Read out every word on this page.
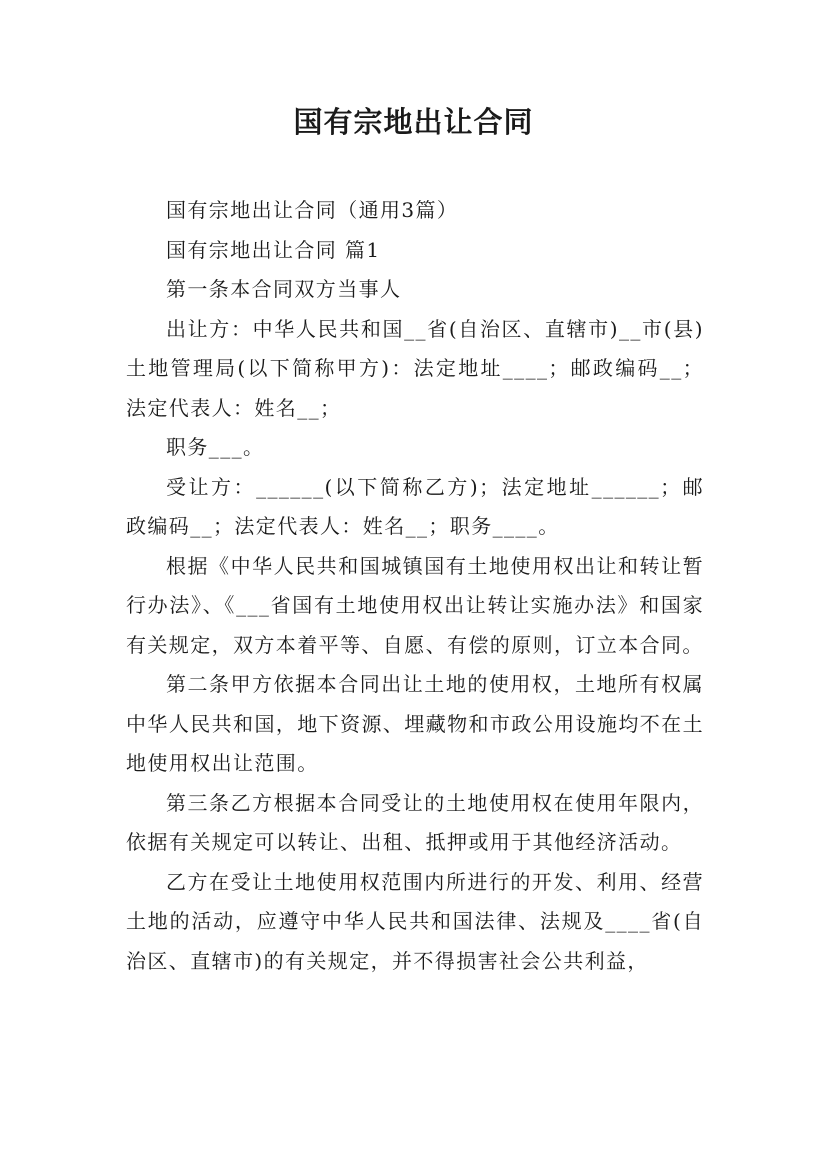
国有宗地出让合同

国有宗地出让合同（通用3篇）

国有宗地出让合同 篇1

第一条本合同双方当事人

出让方：中华人民共和国__省(自治区、直辖市)__市(县)土地管理局(以下简称甲方)：法定地址____；邮政编码__；法定代表人：姓名__；

职务___。

受让方：______(以下简称乙方)；法定地址______；邮政编码__；法定代表人：姓名__；职务____。

根据《中华人民共和国城镇国有土地使用权出让和转让暂行办法》、《___省国有土地使用权出让转让实施办法》和国家有关规定，双方本着平等、自愿、有偿的原则，订立本合同。

第二条甲方依据本合同出让土地的使用权，土地所有权属中华人民共和国，地下资源、埋藏物和市政公用设施均不在土地使用权出让范围。

第三条乙方根据本合同受让的土地使用权在使用年限内，依据有关规定可以转让、出租、抵押或用于其他经济活动。

乙方在受让土地使用权范围内所进行的开发、利用、经营土地的活动，应遵守中华人民共和国法律、法规及____省(自治区、直辖市)的有关规定，并不得损害社会公共利益，
